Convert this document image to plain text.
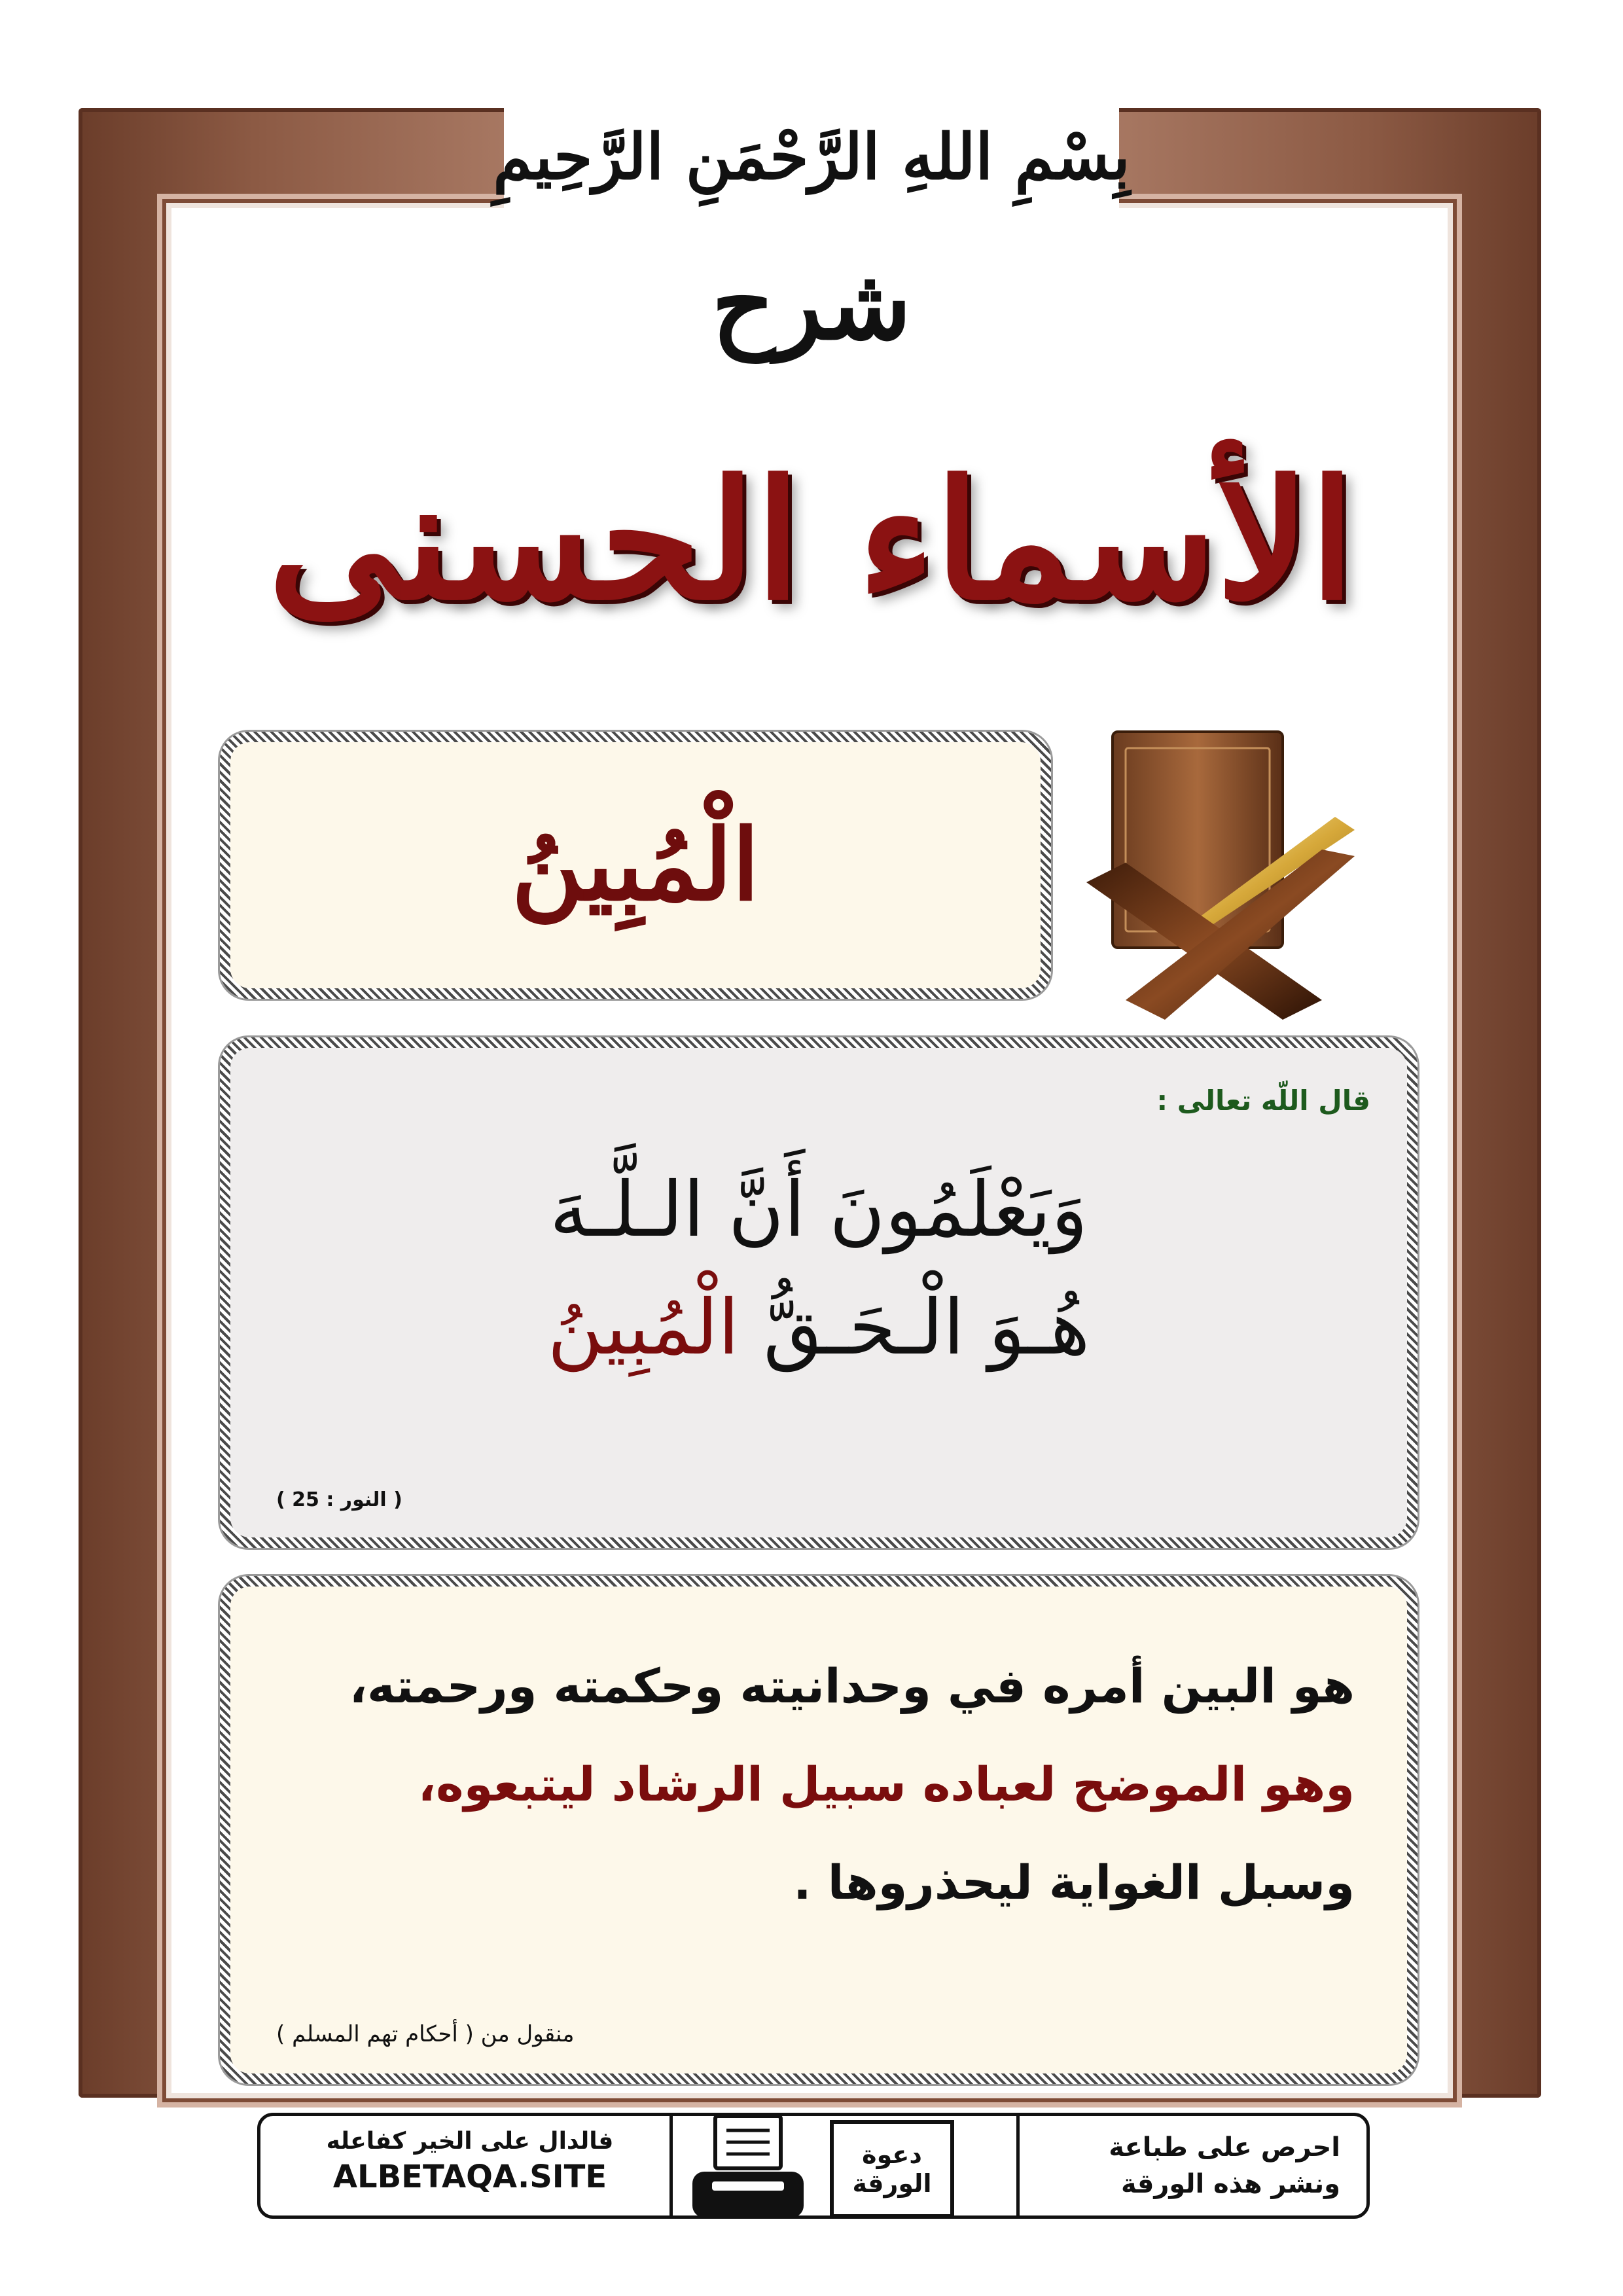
بِسْمِ اللهِ الرَّحْمَنِ الرَّحِيمِ
شرح
الأسماء الحسنى
الْمُبِينُ
قال اللّه تعالى :
وَيَعْلَمُونَ أَنَّ الـلَّـهَ
هُـوَ الْـحَـقُّ الْمُبِينُ
( النور : 25 )
هو البين أمره في وحدانيته وحكمته ورحمته،
وهو الموضح لعباده سبيل الرشاد ليتبعوه،
وسبل الغواية ليحذروها .
منقول من ( أحكام تهم المسلم )
احرص على طباعة
ونشر هذه الورقة
دعوة
الورقة
فالدال على الخير كفاعله
ALBETAQA.SITE
